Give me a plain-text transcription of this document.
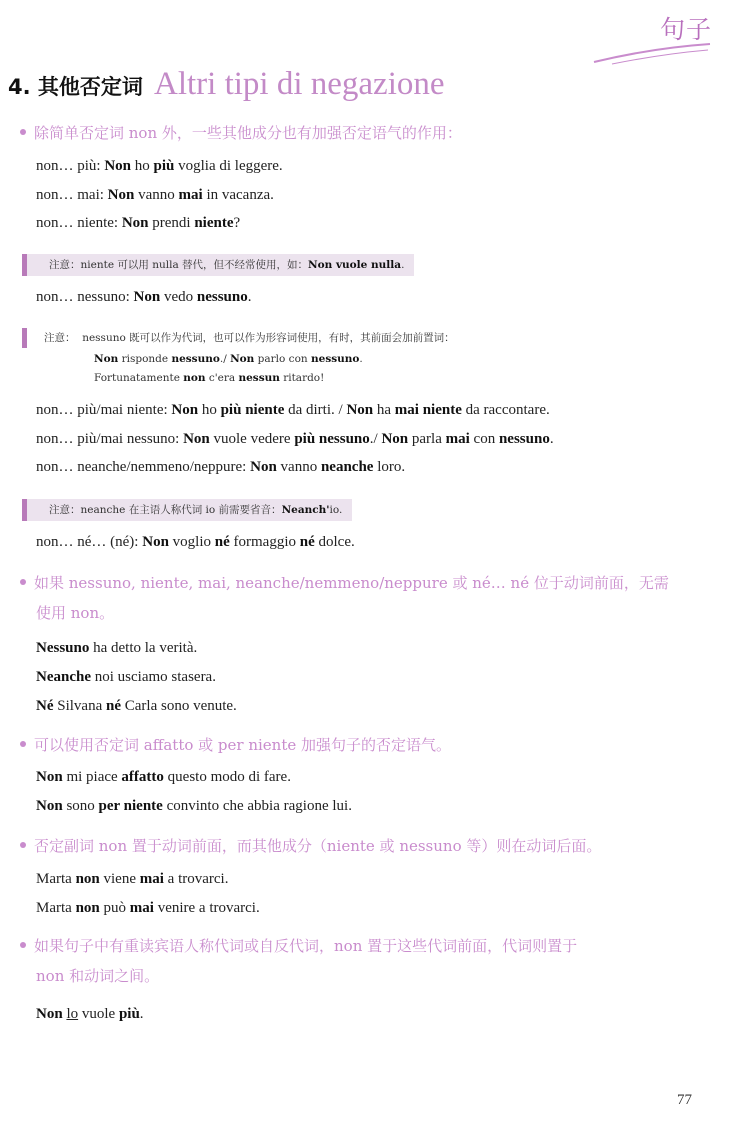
句子
4. 其他否定词 Altri tipi di negazione
除简单否定词 non 外，一些其他成分也有加强否定语气的作用：
non… più: Non ho più voglia di leggere.
non… mai: Non vanno mai in vacanza.
non… niente: Non prendi niente?
注意：niente 可以用 nulla 替代，但不经常使用，如：Non vuole nulla.
non… nessuno: Non vedo nessuno.
注意： nessuno 既可以作为代词，也可以作为形容词使用，有时，其前面会加前置词：
Non risponde nessuno./ Non parlo con nessuno.
Fortunatamente non c'era nessun ritardo!
non… più/mai niente: Non ho più niente da dirti. / Non ha mai niente da raccontare.
non… più/mai nessuno: Non vuole vedere più nessuno./ Non parla mai con nessuno.
non… neanche/nemmeno/neppure: Non vanno neanche loro.
注意：neanche 在主语人称代词 io 前需要省音：Neanch'io.
non… né… (né): Non voglio né formaggio né dolce.
如果 nessuno, niente, mai, neanche/nemmeno/neppure 或 né… né 位于动词前面，无需
使用 non。
Nessuno ha detto la verità.
Neanche noi usciamo stasera.
Né Silvana né Carla sono venute.
可以使用否定词 affatto 或 per niente 加强句子的否定语气。
Non mi piace affatto questo modo di fare.
Non sono per niente convinto che abbia ragione lui.
否定副词 non 置于动词前面，而其他成分（niente 或 nessuno 等）则在动词后面。
Marta non viene mai a trovarci.
Marta non può mai venire a trovarci.
如果句子中有重读宾语人称代词或自反代词，non 置于这些代词前面，代词则置于
non 和动词之间。
Non lo vuole più.
77
